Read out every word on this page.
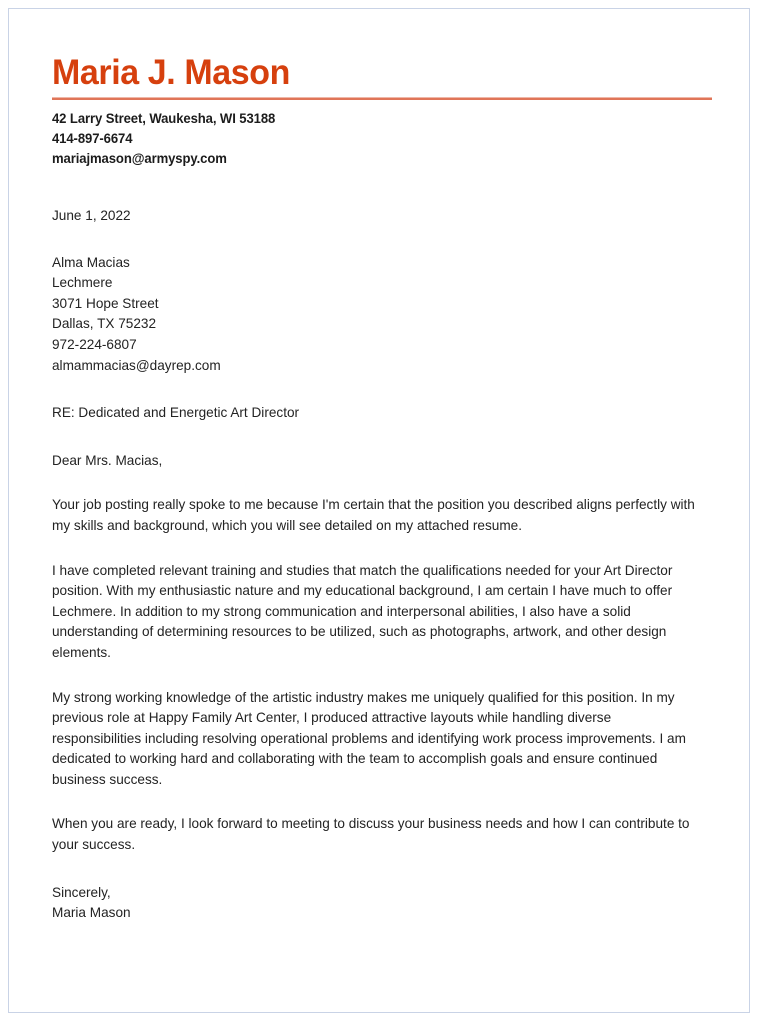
Maria J. Mason
42 Larry Street, Waukesha, WI 53188
414-897-6674
mariajmason@armyspy.com
June 1, 2022
Alma Macias
Lechmere
3071 Hope Street
Dallas, TX 75232
972-224-6807
almammacias@dayrep.com
RE: Dedicated and Energetic Art Director
Dear Mrs. Macias,

Your job posting really spoke to me because I'm certain that the position you described aligns perfectly with my skills and background, which you will see detailed on my attached resume.

I have completed relevant training and studies that match the qualifications needed for your Art Director position. With my enthusiastic nature and my educational background, I am certain I have much to offer Lechmere. In addition to my strong communication and interpersonal abilities, I also have a solid understanding of determining resources to be utilized, such as photographs, artwork, and other design elements.

My strong working knowledge of the artistic industry makes me uniquely qualified for this position. In my previous role at Happy Family Art Center, I produced attractive layouts while handling diverse responsibilities including resolving operational problems and identifying work process improvements. I am dedicated to working hard and collaborating with the team to accomplish goals and ensure continued business success.

When you are ready, I look forward to meeting to discuss your business needs and how I can contribute to your success.

Sincerely,
Maria Mason
